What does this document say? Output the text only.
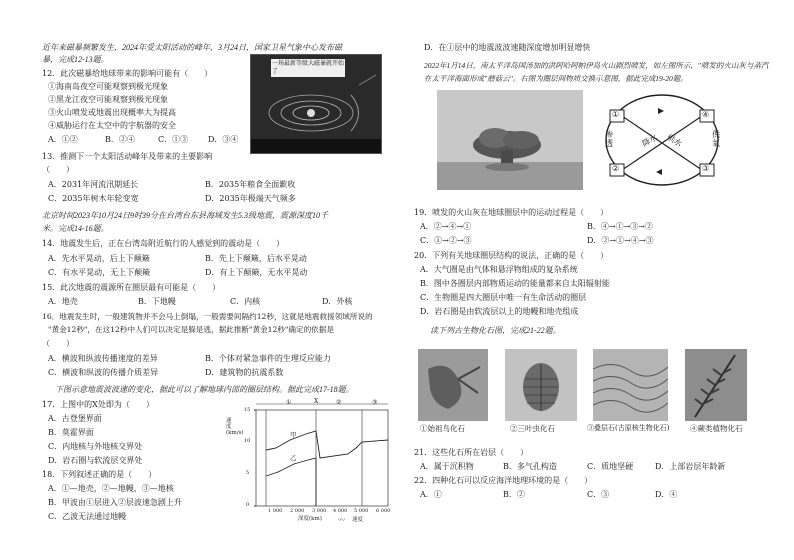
近年来磁暴频繁发生，2024年受太阳活动的峰年，3月24日，国家卫星气象中心发布磁
暴，完成12-13题。
12．此次磁暴给地球带来的影响可能有（　　）
①海南岛夜空可能观察到极光现象
②黑龙江夜空可能观察到极光现象
③火山喷发或地震出现概率大为提高
④威胁运行在太空中的宇航器的安全
A．①②	B．②④	C．①③ D．③④
一场最新等级大磁暴就开始了
13．推测下一个太阳活动峰年及带来的主要影响
（　　）
A．2031年河流汛期延长	B．2035年粮食全面歉收
C．2035年树木年轮变宽	D．2035年极端天气频多
北京时间2023年10月24日9时39分在台湾台东县海域发生5.3级地震，震源深度10千
米。完成14-16题。
14．地震发生后，正在台湾岛附近航行的人感觉到的震动是（　　）
A．先水平晃动，后上下颠簸	B．先上下颠簸，后水平晃动
C．有水平晃动，无上下颠簸	D．有上下颠簸，无水平晃动
15．此次地震的震源所在圈层最有可能是（　　）
A．地壳	B．下地幔	C．内核	D．外核
16．地震发生时，一般建筑物并不会马上倒塌，一般需要间隔约12秒，这就是地震救援领域所说的
"黄金12秒"，在这12秒中人们可以决定是躲是逃，据此推断"黄金12秒"确定的依据是
（　　）
A．横波和纵波传播速度的差异	B．个体对紧急事件的生理反应能力
C．横波和纵波的传播介质差异	D．建筑物的抗震系数
下图示意地震波波速的变化，据此可以了解地球内部的圈层结构。据此完成17-18题。
17．上图中的X处即为（　　）
A．古登堡界面
B．莫霍界面
C．内地核与外地核交界处
D．岩石圈与软流层交界处
18．下列叙述正确的是（　　）
A．①—地壳，②—地幔，③—地核
B．甲波由①层进入②层波速急剧上升
C．乙波无法通过地幔
速度(km/s)
15
10
5
0
①	X	②	③
甲
乙
1 000 2 000 3 000 4 000 5 000 6 000
深度(km) 〰 速度
D．在①层中的地震波波速随深度增加明显增快
2022年1月14日，南太平洋岛国汤加的洪阿哈阿帕伊岛火山剧烈喷发，如左图所示，"喷发的火山灰与蒸汽
在太平洋海面形成"蘑菇云"。右图为圈层间物质交换示意图，据此完成19-20题。
①	④
②	③
渗透	降水 供水	供氧
19．喷发的火山灰在地球圈层中的运动过程是（　　）
A．②→④→①	B．④→①→③→②
C．①→②→③	D．②→①→④→③
20．下列有关地球圈层结构的说法，正确的是（　　）
A．大气圈是由气体和悬浮物组成的复杂系统
B．图中各圈层内部物质运动的能量都来自太阳辐射能
C．生物圈是四大圈层中唯一有生命活动的圈层
D．岩石圈是由软流层以上的地幔和地壳组成
读下列古生物化石图，完成21-22题。
①始祖鸟化石	②三叶虫化石	③叠层石(古原核生物化石)	④蕨类植物化石
21．这些化石所在岩层（　　）
A．属于沉积物	B．多气孔构造	C．质地坚硬	D．上部岩层年龄新
22．四种化石可以反应海洋地理环境的是（　　）
A．①	B．②	C．③	D．④
